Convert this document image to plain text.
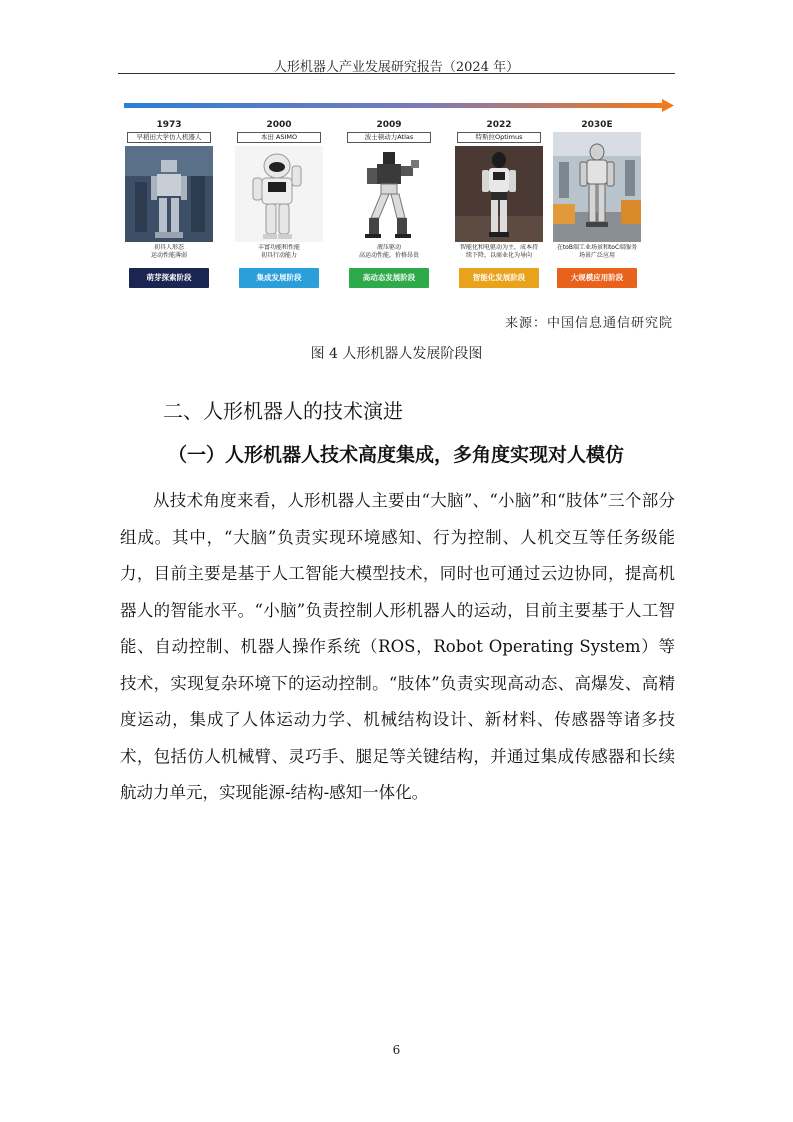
人形机器人产业发展研究报告（2024 年）
1973
早稻田大学仿人机器人
初具人形态
运动性能薄弱
萌芽探索阶段
2000
本田 ASIMO
丰富功能和性能
初具行动能力
集成发展阶段
2009
波士顿动力Atlas
液压驱动
高运动性能，价格昂贵
高动态发展阶段
2022
特斯拉Optimus
智能化和电驱动为主，成本持
续下降，以商业化为导向
智能化发展阶段
2030E
在toB端工业场景和toC端服务
场景广泛应用
大规模应用阶段
来源：中国信息通信研究院
图 4 人形机器人发展阶段图
二、人形机器人的技术演进
（一）人形机器人技术高度集成，多角度实现对人模仿
从技术角度来看，人形机器人主要由“大脑”、“小脑”和“肢体”三个部分组成。其中，“大脑”负责实现环境感知、行为控制、人机交互等任务级能力，目前主要是基于人工智能大模型技术，同时也可通过云边协同，提高机器人的智能水平。“小脑”负责控制人形机器人的运动，目前主要基于人工智能、自动控制、机器人操作系统（ROS，Robot Operating System）等技术，实现复杂环境下的运动控制。“肢体”负责实现高动态、高爆发、高精度运动，集成了人体运动力学、机械结构设计、新材料、传感器等诸多技术，包括仿人机械臂、灵巧手、腿足等关键结构，并通过集成传感器和长续航动力单元，实现能源-结构-感知一体化。
6
